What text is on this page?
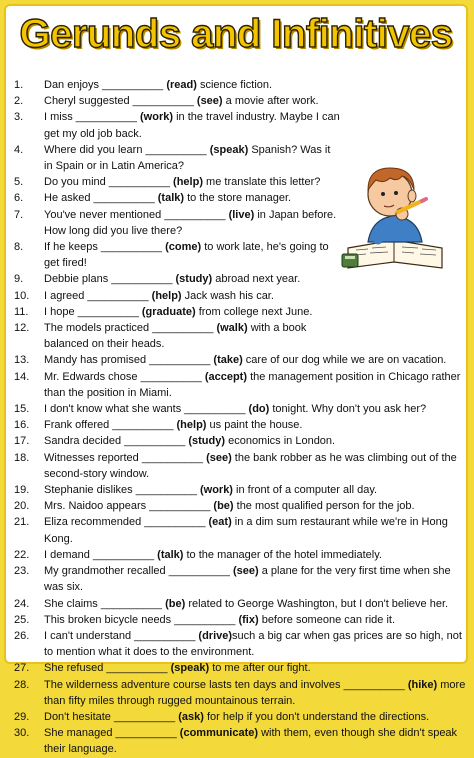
Gerunds and Infinitives
1.	Dan enjoys __________ (read) science fiction.
2.	Cheryl suggested __________ (see) a movie after work.
3.	I miss __________ (work) in the travel industry. Maybe I can get my old job back.
4.	Where did you learn __________ (speak) Spanish? Was it in Spain or in Latin America?
5.	Do you mind __________ (help) me translate this letter?
6.	He asked __________ (talk) to the store manager.
7.	You've never mentioned __________ (live) in Japan before. How long did you live there?
8.	If he keeps __________ (come) to work late, he's going to get fired!
9.	Debbie plans __________ (study) abroad next year.
10.	I agreed __________ (help) Jack wash his car.
11.	I hope __________ (graduate) from college next June.
12.	The models practiced __________ (walk) with a book balanced on their heads.
13.	Mandy has promised __________ (take) care of our dog while we are on vacation.
14.	Mr. Edwards chose __________ (accept) the management position in Chicago rather than the position in Miami.
15.	I don't know what she wants __________ (do) tonight. Why don't you ask her?
16.	Frank offered __________ (help) us paint the house.
17.	Sandra decided __________ (study) economics in London.
18.	Witnesses reported __________ (see) the bank robber as he was climbing out of the second-story window.
19.	Stephanie dislikes __________ (work) in front of a computer all day.
20.	Mrs. Naidoo appears __________ (be) the most qualified person for the job.
21.	Eliza recommended __________ (eat) in a dim sum restaurant while we're in Hong Kong.
22.	I demand __________ (talk) to the manager of the hotel immediately.
23.	My grandmother recalled __________ (see) a plane for the very first time when she was six.
24.	She claims __________ (be) related to George Washington, but I don't believe her.
25.	This broken bicycle needs __________ (fix) before someone can ride it.
26.	I can't understand __________ (drive)such a big car when gas prices are so high, not to mention what it does to the environment.
27.	She refused __________ (speak) to me after our fight.
28.	The wilderness adventure course lasts ten days and involves __________ (hike) more than fifty miles through rugged mountainous terrain.
29.	Don't hesitate __________ (ask) for help if you don't understand the directions.
30.	She managed __________ (communicate) with them, even though she didn't speak their language.
